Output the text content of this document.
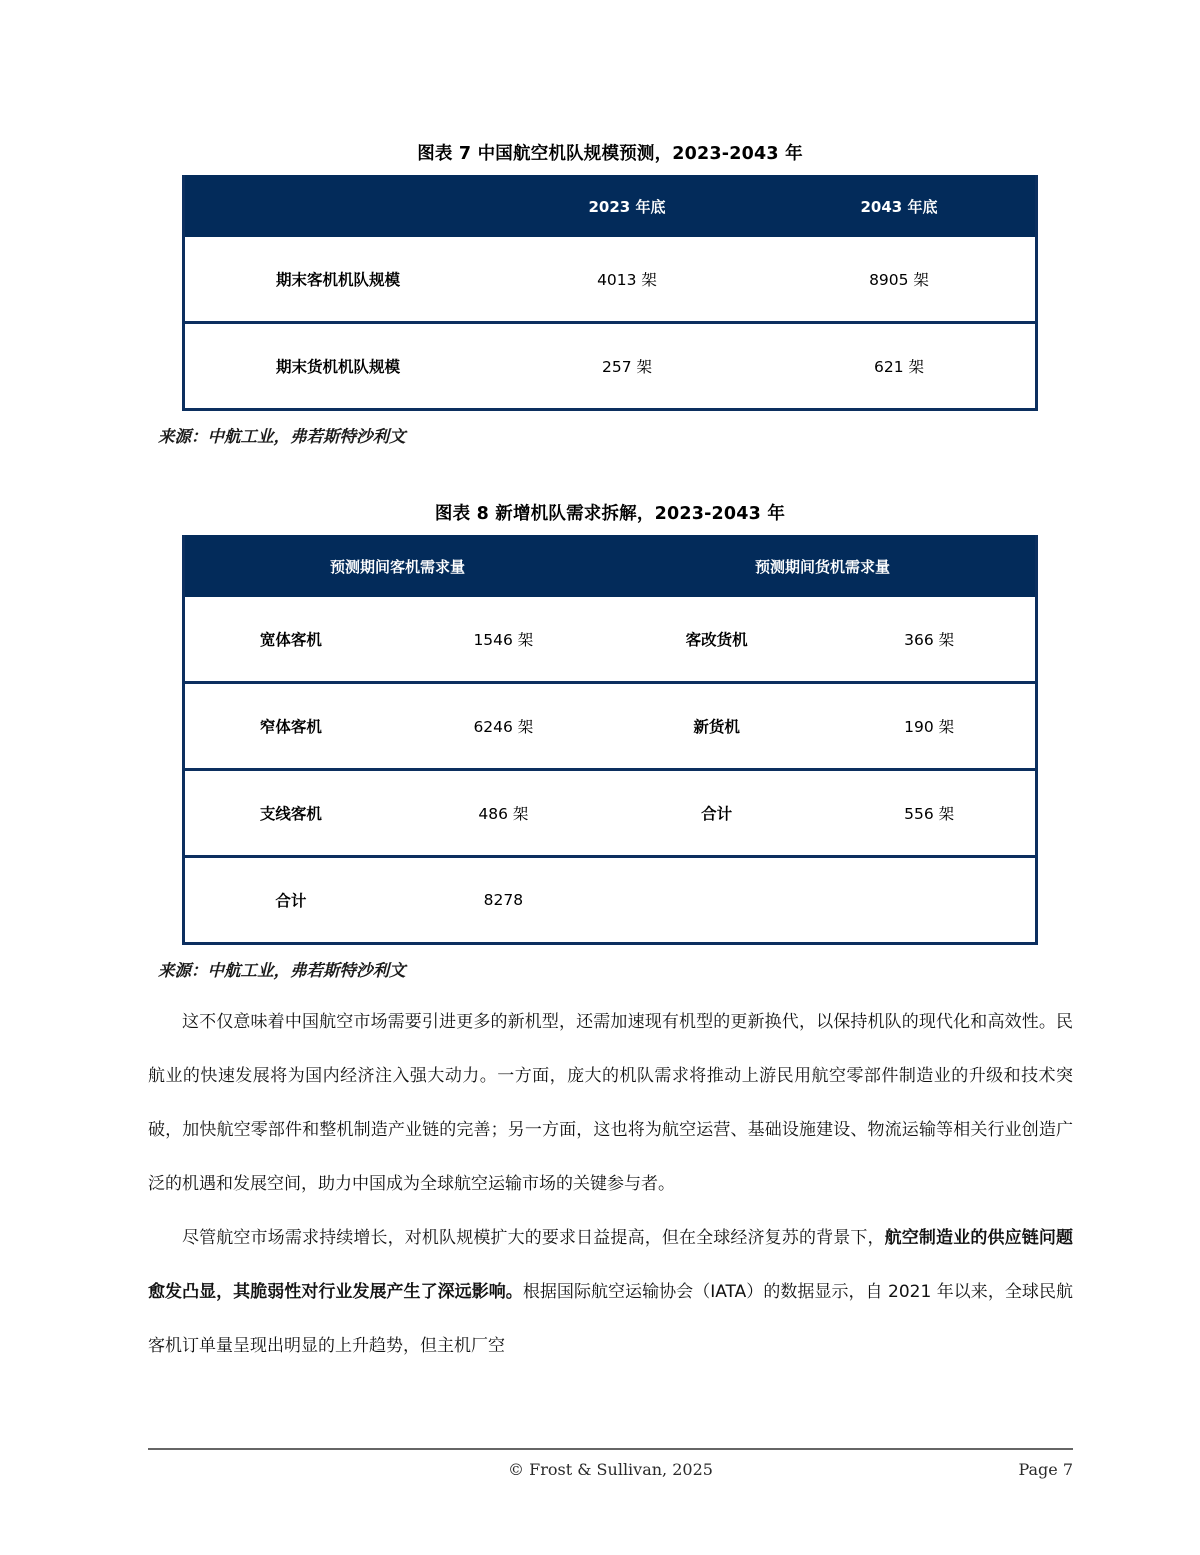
图表 7 中国航空机队规模预测，2023-2043 年
	2023 年底	2043 年底
期末客机机队规模	4013 架	8905 架
期末货机机队规模	257 架	621 架
来源：中航工业，弗若斯特沙利文
图表 8 新增机队需求拆解，2023-2043 年
预测期间客机需求量		预测期间货机需求量	
宽体客机	1546 架	客改货机	366 架
窄体客机	6246 架	新货机	190 架
支线客机	486 架	合计	556 架
合计	8278		
来源：中航工业，弗若斯特沙利文

这不仅意味着中国航空市场需要引进更多的新机型，还需加速现有机型的更新换代，以保持机队的现代化和高效性。民航业的快速发展将为国内经济注入强大动力。一方面，庞大的机队需求将推动上游民用航空零部件制造业的升级和技术突破，加快航空零部件和整机制造产业链的完善；另一方面，这也将为航空运营、基础设施建设、物流运输等相关行业创造广泛的机遇和发展空间，助力中国成为全球航空运输市场的关键参与者。

尽管航空市场需求持续增长，对机队规模扩大的要求日益提高，但在全球经济复苏的背景下，航空制造业的供应链问题愈发凸显，其脆弱性对行业发展产生了深远影响。根据国际航空运输协会（IATA）的数据显示，自 2021 年以来，全球民航客机订单量呈现出明显的上升趋势，但主机厂空

© Frost & Sullivan, 2025	Page 7
